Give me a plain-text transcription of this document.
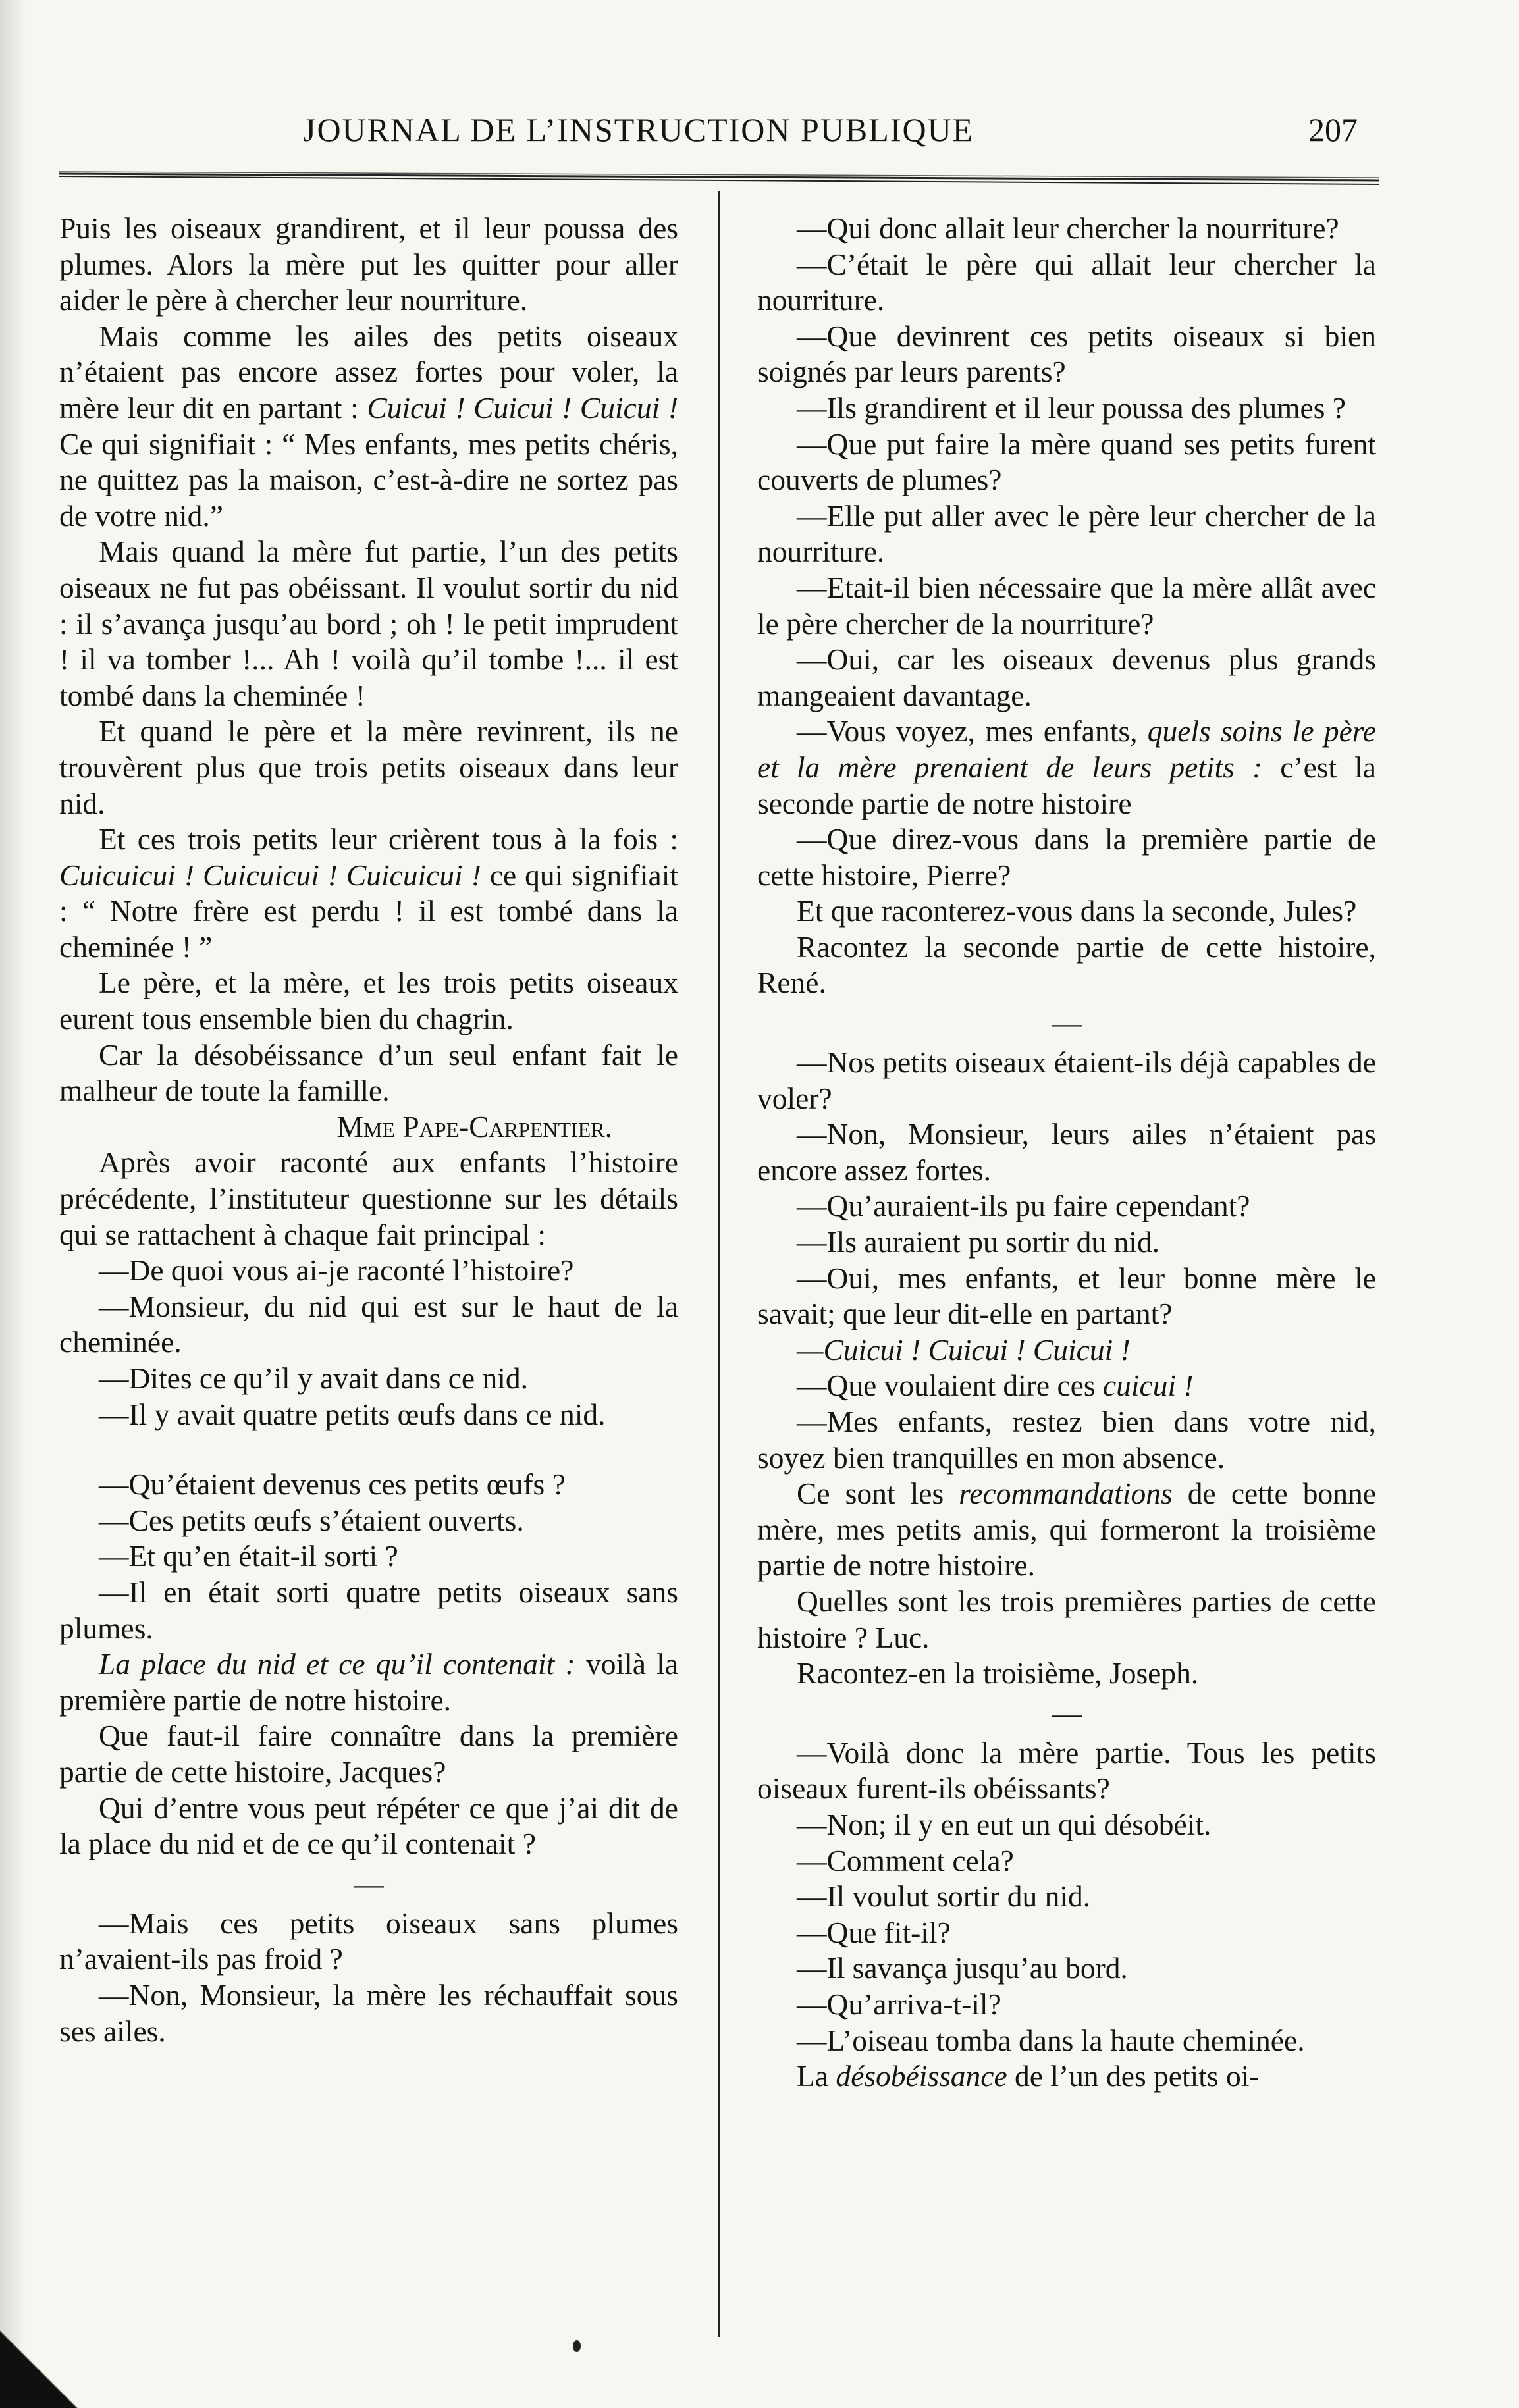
JOURNAL DE L’INSTRUCTION PUBLIQUE	207

Puis les oiseaux grandirent, et il leur poussa des plumes. Alors la mère put les quitter pour aller aider le père à chercher leur nourriture.

Mais comme les ailes des petits oiseaux n’étaient pas encore assez fortes pour voler, la mère leur dit en partant : Cuicui ! Cuicui ! Cuicui ! Ce qui signifiait : “ Mes enfants, mes petits chéris, ne quittez pas la maison, c’est-à-dire ne sortez pas de votre nid.”

Mais quand la mère fut partie, l’un des petits oiseaux ne fut pas obéissant. Il voulut sortir du nid : il s’avança jusqu’au bord ; oh ! le petit imprudent ! il va tomber !... Ah ! voilà qu’il tombe !... il est tombé dans la cheminée !

Et quand le père et la mère revinrent, ils ne trouvèrent plus que trois petits oiseaux dans leur nid.

Et ces trois petits leur crièrent tous à la fois : Cuicuicui ! Cuicuicui ! Cuicuicui ! ce qui signifiait : “ Notre frère est perdu ! il est tombé dans la cheminée ! ”

Le père, et la mère, et les trois petits oiseaux eurent tous ensemble bien du chagrin.

Car la désobéissance d’un seul enfant fait le malheur de toute la famille.

Mme Pape-Carpentier.

Après avoir raconté aux enfants l’histoire précédente, l’instituteur questionne sur les détails qui se rattachent à chaque fait principal :

—De quoi vous ai-je raconté l’histoire?

—Monsieur, du nid qui est sur le haut de la cheminée.

—Dites ce qu’il y avait dans ce nid.

—Il y avait quatre petits œufs dans ce nid.

—Qu’étaient devenus ces petits œufs ?

—Ces petits œufs s’étaient ouverts.

—Et qu’en était-il sorti ?

—Il en était sorti quatre petits oiseaux sans plumes.

La place du nid et ce qu’il contenait : voilà la première partie de notre histoire.

Que faut-il faire connaître dans la première partie de cette histoire, Jacques?

Qui d’entre vous peut répéter ce que j’ai dit de la place du nid et de ce qu’il contenait ?

—

—Mais ces petits oiseaux sans plumes n’avaient-ils pas froid ?

—Non, Monsieur, la mère les réchauffait sous ses ailes.

—Qui donc allait leur chercher la nourriture?

—C’était le père qui allait leur chercher la nourriture.

—Que devinrent ces petits oiseaux si bien soignés par leurs parents?

—Ils grandirent et il leur poussa des plumes ?

—Que put faire la mère quand ses petits furent couverts de plumes?

—Elle put aller avec le père leur chercher de la nourriture.

—Etait-il bien nécessaire que la mère allât avec le père chercher de la nourriture?

—Oui, car les oiseaux devenus plus grands mangeaient davantage.

—Vous voyez, mes enfants, quels soins le père et la mère prenaient de leurs petits : c’est la seconde partie de notre histoire

—Que direz-vous dans la première partie de cette histoire, Pierre?

Et que raconterez-vous dans la seconde, Jules?

Racontez la seconde partie de cette histoire, René.

—

—Nos petits oiseaux étaient-ils déjà capables de voler?

—Non, Monsieur, leurs ailes n’étaient pas encore assez fortes.

—Qu’auraient-ils pu faire cependant?

—Ils auraient pu sortir du nid.

—Oui, mes enfants, et leur bonne mère le savait; que leur dit-elle en partant?

—Cuicui ! Cuicui ! Cuicui !

—Que voulaient dire ces cuicui !

—Mes enfants, restez bien dans votre nid, soyez bien tranquilles en mon absence.

Ce sont les recommandations de cette bonne mère, mes petits amis, qui formeront la troisième partie de notre histoire.

Quelles sont les trois premières parties de cette histoire ? Luc.

Racontez-en la troisième, Joseph.

—

—Voilà donc la mère partie. Tous les petits oiseaux furent-ils obéissants?

—Non; il y en eut un qui désobéit.

—Comment cela?

—Il voulut sortir du nid.

—Que fit-il?

—Il savança jusqu’au bord.

—Qu’arriva-t-il?

—L’oiseau tomba dans la haute cheminée.

La désobéissance de l’un des petits oi-
